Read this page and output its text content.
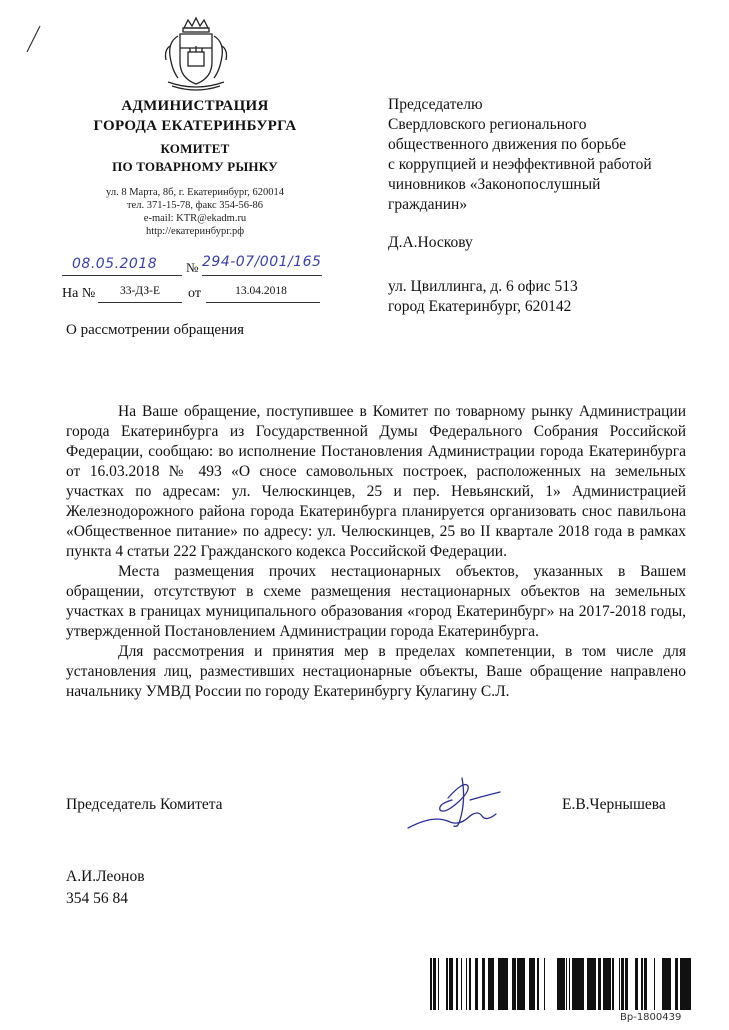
АДМИНИСТРАЦИЯ
ГОРОДА ЕКАТЕРИНБУРГА
КОМИТЕТ
ПО ТОВАРНОМУ РЫНКУ
ул. 8 Марта, 8б, г. Екатеринбург, 620014
тел. 371-15-78, факс 354-56-86
e-mail: KTR@ekadm.ru
http://екатеринбург.рф
08.05.2018	294-07/001/165
№
На №	33-ДЗ-Е	от	13.04.2018
О рассмотрении обращения
Председателю
Свердловского регионального
общественного движения по борьбе
с коррупцией и неэффективной работой
чиновников «Законопослушный
гражданин»
Д.А.Носкову
ул. Цвиллинга, д. 6 офис 513
город Екатеринбург, 620142

На Ваше обращение, поступившее в Комитет по товарному рынку Администрации города Екатеринбурга из Государственной Думы Федерального Собрания Российской Федерации, сообщаю: во исполнение Постановления Администрации города Екатеринбурга от 16.03.2018 № 493 «О сносе самовольных построек, расположенных на земельных участках по адресам: ул. Челюскинцев, 25 и пер. Невьянский, 1» Администрацией Железнодорожного района города Екатеринбурга планируется организовать снос павильона «Общественное питание» по адресу: ул. Челюскинцев, 25 во II квартале 2018 года в рамках пункта 4 статьи 222 Гражданского кодекса Российской Федерации.

Места размещения прочих нестационарных объектов, указанных в Вашем обращении, отсутствуют в схеме размещения нестационарных объектов на земельных участках в границах муниципального образования «город Екатеринбург» на 2017-2018 годы, утвержденной Постановлением Администрации города Екатеринбурга.

Для рассмотрения и принятия мер в пределах компетенции, в том числе для установления лиц, разместивших нестационарные объекты, Ваше обращение направлено начальнику УМВД России по городу Екатеринбургу Кулагину С.Л.

Председатель Комитета	Е.В.Чернышева
А.И.Леонов
354 56 84
Вр-1800439
